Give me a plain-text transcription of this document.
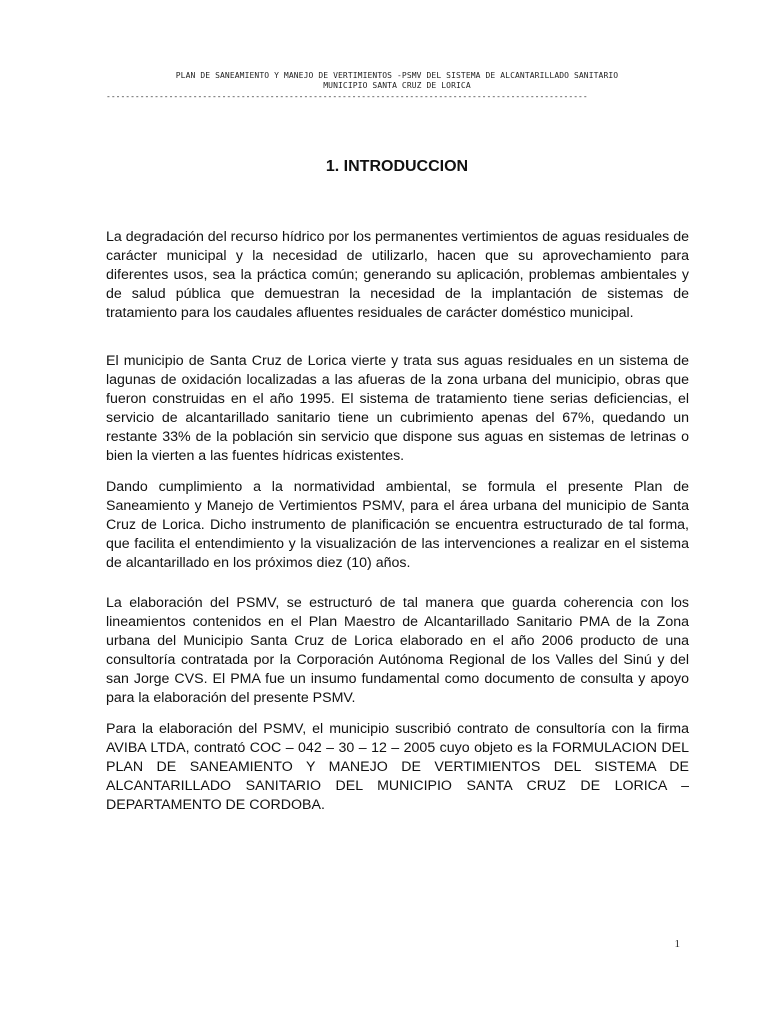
PLAN DE SANEAMIENTO Y MANEJO DE VERTIMIENTOS -PSMV DEL SISTEMA DE ALCANTARILLADO SANITARIO
MUNICIPIO SANTA CRUZ DE LORICA
----------------------------------------------------------------------------------------------------
1. INTRODUCCION

La degradación del recurso hídrico por los permanentes vertimientos de aguas residuales de carácter municipal y la necesidad de utilizarlo, hacen que su aprovechamiento para diferentes usos, sea la práctica común; generando su aplicación, problemas ambientales y de salud pública que demuestran la necesidad de la implantación de sistemas de tratamiento para los caudales afluentes residuales de carácter doméstico municipal.

El municipio de Santa Cruz de Lorica vierte y trata sus aguas residuales en un sistema de lagunas de oxidación localizadas a las afueras de la zona urbana del municipio, obras que fueron construidas en el año 1995. El sistema de tratamiento tiene serias deficiencias, el servicio de alcantarillado sanitario tiene un cubrimiento apenas del 67%, quedando un restante 33% de la población sin servicio que dispone sus aguas en sistemas de letrinas o bien la vierten a las fuentes hídricas existentes.

Dando cumplimiento a la normatividad ambiental, se formula el presente Plan de Saneamiento y Manejo de Vertimientos PSMV, para el área urbana del municipio de Santa Cruz de Lorica. Dicho instrumento de planificación se encuentra estructurado de tal forma, que facilita el entendimiento y la visualización de las intervenciones a realizar en el sistema de alcantarillado en los próximos diez (10) años.

La elaboración del PSMV, se estructuró de tal manera que guarda coherencia con los lineamientos contenidos en el Plan Maestro de Alcantarillado Sanitario PMA de la Zona urbana del Municipio Santa Cruz de Lorica elaborado en el año 2006 producto de una consultoría contratada por la Corporación Autónoma Regional de los Valles del Sinú y del san Jorge CVS. El PMA fue un insumo fundamental como documento de consulta y apoyo para la elaboración del presente PSMV.

Para la elaboración del PSMV, el municipio suscribió contrato de consultoría con la firma AVIBA LTDA, contrató COC – 042 – 30 – 12 – 2005 cuyo objeto es la FORMULACION DEL PLAN DE SANEAMIENTO Y MANEJO DE VERTIMIENTOS DEL SISTEMA DE ALCANTARILLADO SANITARIO DEL MUNICIPIO SANTA CRUZ DE LORICA – DEPARTAMENTO DE CORDOBA.

1
